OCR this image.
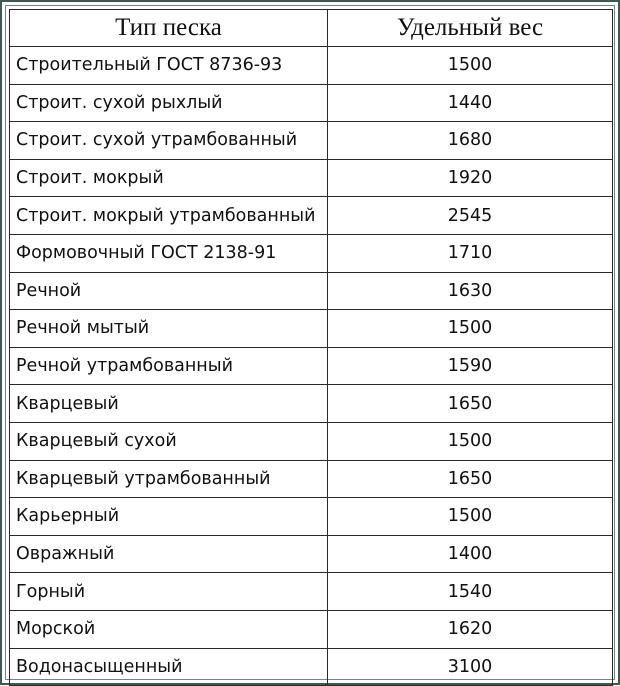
Тип песка	Удельный вес
Строительный ГОСТ 8736-93	1500
Строит. сухой рыхлый	1440
Строит. сухой утрамбованный	1680
Строит. мокрый	1920
Строит. мокрый утрамбованный	2545
Формовочный ГОСТ 2138-91	1710
Речной	1630
Речной мытый	1500
Речной утрамбованный	1590
Кварцевый	1650
Кварцевый сухой	1500
Кварцевый утрамбованный	1650
Карьерный	1500
Овражный	1400
Горный	1540
Морской	1620
Водонасыщенный	3100
